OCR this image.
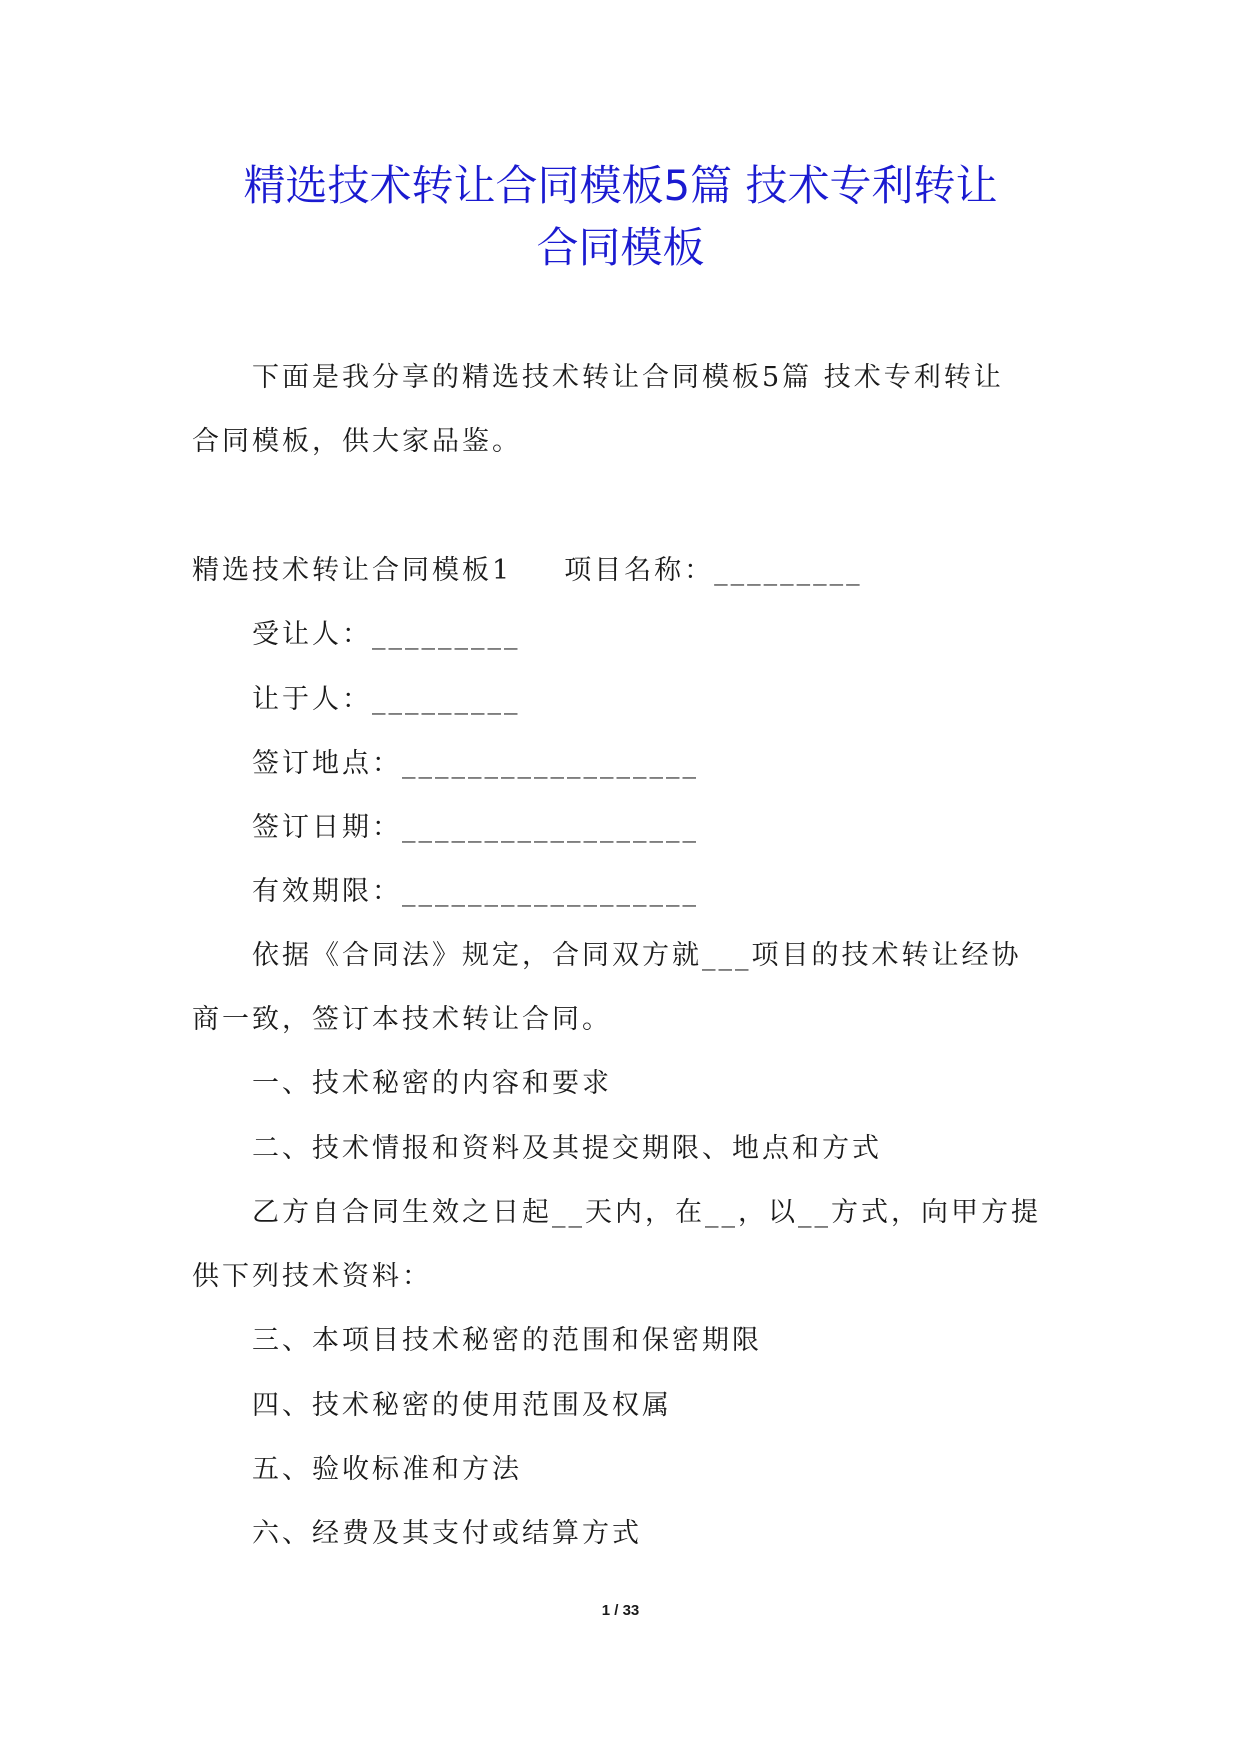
精选技术转让合同模板5篇 技术专利转让
合同模板

下面是我分享的精选技术转让合同模板5篇 技术专利转让

合同模板，供大家品鉴。

精选技术转让合同模板1 项目名称：_________

受让人：_________

让于人：_________

签订地点：__________________

签订日期：__________________

有效期限：__________________

依据《合同法》规定，合同双方就___项目的技术转让经协

商一致，签订本技术转让合同。

一、技术秘密的内容和要求

二、技术情报和资料及其提交期限、地点和方式

乙方自合同生效之日起__天内，在__，以__方式，向甲方提

供下列技术资料：

三、本项目技术秘密的范围和保密期限

四、技术秘密的使用范围及权属

五、验收标准和方法

六、经费及其支付或结算方式

1 / 33
